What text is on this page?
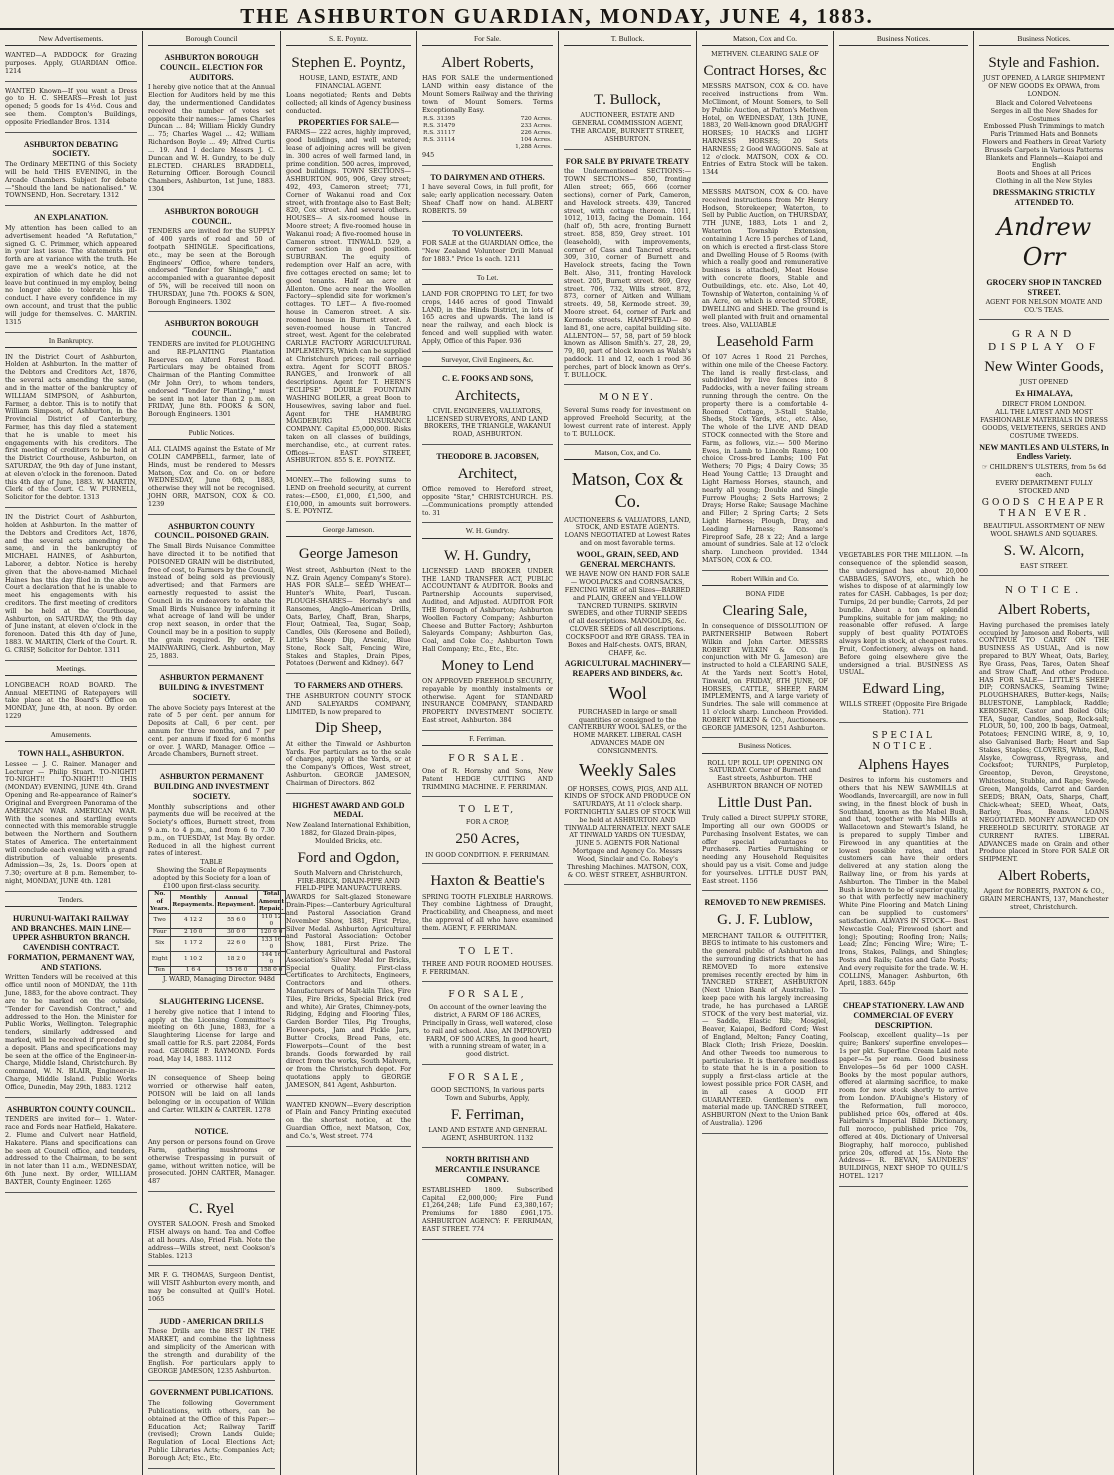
THE ASHBURTON GUARDIAN, MONDAY, JUNE 4, 1883.
New Advertisements.

WANTED—A PADDOCK for Grazing purposes. Apply, GUARDIAN Office. 1214

WANTED Known—If you want a Dress go to H. C. SHEARS—Fresh lot just opened; 5 goods for 1s 4½d. Cous and see them. Compton's Buildings, opposite Friedlander Bros. 1314

ASHBURTON DEBATING SOCIETY.

The Ordinary MEETING of this Society will be held THIS EVENING, in the Arcade Chambers. Subject for debate—"Should the land be nationalised." W. TOWNSEND, Hon. Secretary. 1312

AN EXPLANATION.

My attention has been called to an advertisement headed "A Refutation," signed G. C. Primmer, which appeared in your last issue. The statements put forth are at variance with the truth. He gave me a week's notice, at the expiration of which date he did not leave but continued in my employ, being no longer able to tolerate his ill-conduct. I have every confidence in my own account, and trust that the public will judge for themselves. C. MARTIN. 1315

In Bankruptcy.

IN the District Court of Ashburton, Holden at Ashburton. In the matter of the Debtors and Creditors Act, 1876, the several acts amending the same, and in the matter of the bankruptcy of WILLIAM SIMPSON, of Ashburton, Farmer, a debtor. This is to notify that William Simpson, of Ashburton, in the Provincial District of Canterbury, Farmer, has this day filed a statement that he is unable to meet his engagements with his creditors. The first meeting of creditors to be held at the District Courthouse, Ashburton, on SATURDAY, the 9th day of June instant, at eleven o'clock in the forenoon. Dated this 4th day of June, 1883. W. MARTIN, Clerk of the Court. C. W. PURNELL, Solicitor for the debtor. 1313

IN the District Court of Ashburton, holden at Ashburton. In the matter of the Debtors and Creditors Act, 1876, and the several acts amending the same, and in the bankruptcy of MICHAEL HAINES, of Ashburton, Laborer, a debtor. Notice is hereby given that the above-named Michael Haines has this day filed in the above Court a declaration that he is unable to meet his engagements with his creditors. The first meeting of creditors will be held at the Courthouse, Ashburton, on SATURDAY, the 9th day of June instant, at eleven o'clock in the forenoon. Dated this 4th day of June, 1883. W. MARTIN, Clerk of the Court. R. G. CRISP, Solicitor for Debtor. 1311

Meetings.

LONGBEACH ROAD BOARD. The Annual MEETING of Ratepayers will take place at the Board's Office on MONDAY, June 4th, at noon. By order. 1229

Amusements.
TOWN HALL, ASHBURTON.

Lessee — J. C. Rainer. Manager and Lecturer — Philip Stuart. TO-NIGHT! TO-NIGHT!! TO-NIGHT!!! THIS (MONDAY) EVENING, JUNE 4th. Grand Opening and Re-appearance of Rainer's Original and Evergreen Panorama of the AMERICAN WAR. AMERICAN WAR. With the scenes and startling events connected with this memorable struggle between the Northern and Southern States of America. The entertainment will conclude each evening with a grand distribution of valuable presents. Admission—3s, 2s, 1s. Doors open at 7.30; overture at 8 p.m. Remember, to-night, MONDAY, JUNE 4th. 1281

Tenders.
HURUNUI-WAITAKI RAILWAY AND BRANCHES. MAIN LINE—UPPER ASHBURTON BRANCH. CAVENDISH CONTRACT. FORMATION, PERMANENT WAY, AND STATIONS.

Written Tenders will be received at this office until noon of MONDAY, the 11th June, 1883, for the above contract. They are to be marked on the outside, "Tender for Cavendish Contract," and addressed to the Hon. the Minister for Public Works, Wellington. Telegraphic tenders, similarly addressed and marked, will be received if preceded by a deposit. Plans and specifications may be seen at the office of the Engineer-in-Charge, Middle Island, Christchurch. By command, W. N. BLAIR, Engineer-in-Charge, Middle Island. Public Works Office, Dunedin, May 29th, 1883. 1212

ASHBURTON COUNTY COUNCIL.

TENDERS are invited for— 1. Water-race and Fords near Hatfield, Hakatere. 2. Flume and Culvert near Hatfield, Hakatere. Plans and specifications can be seen at Council office, and tenders, addressed to the Chairman, to be sent in not later than 11 a.m., WEDNESDAY, 6th June next. By order, WILLIAM BAXTER, County Engineer. 1265

Borough Council
ASHBURTON BOROUGH COUNCIL. ELECTION FOR AUDITORS.

I hereby give notice that at the Annual Election for Auditors held by me this day, the undermentioned Candidates received the number of votes set opposite their names:— James Charles Duncan ... 84; William Hickly Gundry ... 75; Charles Wagel ... 42; William Richardson Boyle ... 49; Alfred Curtis ... 19. And I declare Messrs J. C. Duncan and W. H. Gundry, to be duly ELECTED. CHARLES BRADDELL, Returning Officer. Borough Council Chambers, Ashburton, 1st June, 1883. 1304

ASHBURTON BOROUGH COUNCIL.

TENDERS are invited for the SUPPLY of 400 yards of road and 50 of footpath SHINGLE. Specifications, etc., may be seen at the Borough Engineers' Office, where tenders, endorsed "Tender for Shingle," and accompanied with a guarantee deposit of 5%, will be received till noon on THURSDAY, June 7th. FOOKS & SON, Borough Engineers. 1302

ASHBURTON BOROUGH COUNCIL.

TENDERS are invited for PLOUGHING and RE-PLANTING Plantation Reserves on Alford Forest Road. Particulars may be obtained from Chairman of the Planting Committee (Mr John Orr), to whom tenders, endorsed "Tender for Planting," must be sent in not later than 2 p.m. on FRIDAY, June 8th. FOOKS & SON, Borough Engineers. 1301

Public Notices.

ALL CLAIMS against the Estate of Mr COLIN CAMPBELL, farmer, late of Hinds, must be rendered to Messrs Matson, Cox and Co. on or before WEDNESDAY, June 6th, 1883, otherwise they will not be recognised. JOHN ORR, MATSON, COX & CO. 1239

ASHBURTON COUNTY COUNCIL. POISONED GRAIN.

The Small Birds Nuisance Committee have directed it to be notified that POISONED GRAIN will be distributed, free of cost, to Farmers by the Council, instead of being sold as previously advertised; and that Farmers are earnestly requested to assist the Council in its endeavors to abate the Small Birds Nuisance by informing it what acreage of land will be under crop next season, in order that the Council may be in a position to supply the grain required. By order, F. MAINWARING, Clerk. Ashburton, May 25, 1883.

ASHBURTON PERMANENT BUILDING & INVESTMENT SOCIETY.

The above Society pays Interest at the rate of 5 per cent. per annum for Deposits at Call, 6 per cent. per annum for three months, and 7 per cent. per annum if fixed for 6 months or over. J. WARD, Manager. Office — Arcade Chambers, Burnett street.

ASHBURTON PERMANENT BUILDING AND INVESTMENT SOCIETY.

Monthly subscriptions and other payments due will be received at the Society's offices, Burnett street, from 9 a.m. to 4 p.m., and from 6 to 7.30 p.m., on TUESDAY, 1st May. By order. Reduced in all the highest current rates of interest.

TABLE
Showing the Scale of Repayments adopted by this Society for a loan of £100 upon first-class security.
No. of Years.	Monthly Repayments.	Annual Repayment.	Total Amount Repaid.
Two	4 12 2	55 6 0	110 12 0
Four	2 10 0	30 0 0	120 0 0
Six	1 17 2	22 6 0	133 16 0
Eight	1 10 2	18 2 0	144 16 0
Ten	1 6 4	15 16 0	158 0 0

J. WARD, Managing Director. 948d

SLAUGHTERING LICENSE.

I hereby give notice that I intend to apply at the Licensing Committee's meeting on 6th June, 1883, for a Slaughtering License for large and small cattle for R.S. part 22084, Fords road. GEORGE P. RAYMOND. Fords road, May 14, 1883. 1112

IN consequence of Sheep being worried or otherwise half eaten, POISON will be laid on all lands belonging or in occupation of Wilkin and Carter. WILKIN & CARTER. 1278

NOTICE.

Any person or persons found on Grove Farm, gathering mushrooms or otherwise Trespassing in pursuit of game, without written notice, will be prosecuted. JOHN CARTER, Manager. 487

C. Ryel

OYSTER SALOON. Fresh and Smoked FISH always on hand. Tea and Coffee at all hours. Also, Fried Fish. Note the address—Wills street, next Cookson's Stables. 1213

MR F. G. THOMAS, Surgeon Dentist, will VISIT Ashburton every month, and may be consulted at Quill's Hotel. 1065

JUDD - AMERICAN DRILLS

These Drills are the BEST IN THE MARKET, and combine the lightness and simplicity of the American with the strength and durability of the English. For particulars apply to GEORGE JAMESON, 1235 Ashburton.

GOVERNMENT PUBLICATIONS.

The following Government Publications, with others, can be obtained at the Office of this Paper:— Education Act; Railway Tariff (revised); Crown Lands Guide; Regulation of Local Elections Act; Public Libraries Acts; Companies Act; Borough Act; Etc., Etc.

S. E. Poyntz.
Stephen E. Poyntz,
HOUSE, LAND, ESTATE, AND FINANCIAL AGENT.

Loans negotiated; Rents and Debts collected; all kinds of Agency business conducted.

PROPERTIES FOR SALE—

FARMS— 222 acres, highly improved, good buildings, and well watered; lease of adjoining acres will be given in. 300 acres of well farmed land, in prime condition. 500 acres, improved, good buildings. TOWN SECTIONS— ASHBURTON. 905, 906, Grey street; 492, 493, Cameron street; 771, Corner of Wakanui road and Cox street, with frontage also to East Belt; 820, Cox street. And several others. HOUSES— A six-roomed house in Moore street; A five-roomed house in Wakanui road; A five-roomed house in Cameron street. TINWALD. 529, a corner section in good position. SUBURBAN. The equity of redemption over Half an acre, with five cottages erected on same; let to good tenants. Half an acre at Allenton. One acre near the Woollen Factory—splendid site for workmen's cottages. TO LET— A five-roomed house in Cameron street. A six-roomed house in Burnett street. A seven-roomed house in Tancred street, west. Agent for the celebrated CARLYLE FACTORY AGRICULTURAL IMPLEMENTS, Which can be supplied at Christchurch prices; rail carriage extra. Agent for SCOTT BROS.' RANGES, and Ironwork of all descriptions. Agent for T. HERN'S "ECLIPSE" DOUBLE FOUNTAIN WASHING BOILER, a great Boon to Housewives, saving labor and fuel. Agent for THE HAMBURG MAGDEBURG INSURANCE COMPANY. Capital £5,000,000. Risks taken on all classes of buildings, merchandise, etc., at current rates. Offices— EAST STREET, ASHBURTON. 855 S. E. POYNTZ.

MONEY.—The following sums to LEND on freehold security, at current rates:—£500, £1,000, £1,500, and £10,000, in amounts suit borrowers. S. E. POYNTZ.

George Jameson.
George Jameson

West street, Ashburton (Next to the N.Z. Grain Agency Company's Store). HAS FOR SALE— SEED WHEAT— Hunter's White, Pearl, Tuscan. PLOUGH-SHARES— Hornsby's and Ransomes, Anglo-American Drills, Oats, Barley, Chaff, Bran, Sharps, Flour, Oatmeal, Tea, Sugar, Soap, Candles, Oils (Kerosene and Boiled), Little's Sheep Dip, Arsenic, Blue Stone, Rock Salt, Fencing Wire, Stakes and Staples, Drain Pipes, Potatoes (Derwent and Kidney). 647

TO FARMERS AND OTHERS.

THE ASHBURTON COUNTY STOCK AND SALEYARDS COMPANY, LIMITED, Is now prepared to

Dip Sheep,

At either the Tinwald or Ashburton Yards. For particulars as to the scale of charges, apply at the Yards, or at the Company's Offices, West street, Ashburton. GEORGE JAMESON, Chairman of Directors. 862

HIGHEST AWARD AND GOLD MEDAL

New Zealand International Exhibition, 1882, for Glazed Drain-pipes, Moulded Bricks, etc.

Ford and Ogdon,
South Malvern and Christchurch, FIRE-BRICK, DRAIN-PIPE AND FIELD-PIPE MANUFACTURERS.

AWARDS for Salt-glazed Stoneware Drain-Pipes:—Canterbury Agricultural and Pastoral Association Grand November Show, 1881, First Prize, Silver Medal. Ashburton Agricultural and Pastoral Association: October Show, 1881, First Prize. The Canterbury Agricultural and Pastoral Association's Silver Medal for Bricks, Special Quality. First-class Certificates to Architects, Engineers, Contractors and others. Manufacturers of Malt-kiln Tiles, Fire Tiles, Fire Bricks, Special Brick (red and white), Air Grates, Chimney-pots, Ridging, Edging and Flooring Tiles, Garden Border Tiles, Pig Troughs, Flower-pots, Jam and Pickle Jars, Butter Crocks, Bread Pans, etc. Flowerpots—Count of the best brands. Goods forwarded by rail direct from the works, South Malvern, or from the Christchurch depot. For quotations apply to GEORGE JAMESON, 841 Agent, Ashburton.

WANTED KNOWN—Every description of Plain and Fancy Printing executed on the shortest notice, at the Guardian Office, next Matson, Cox, and Co.'s, West street. 774

For Sale.
Albert Roberts,

HAS FOR SALE the undermentioned LAND within easy distance of the Mount Somers Railway and the thriving town of Mount Somers. Terms Exceptionally Easy.

R.S. 31395	720 Acres.
R.S. 31479	233 Acres.
R.S. 31117	226 Acres.
R.S. 31114	104 Acres.
	1,288 Acres.

945

TO DAIRYMEN AND OTHERS.

I have several Cows, in full profit, for sale; early application necessary. Oaten Sheaf Chaff now on hand. ALBERT ROBERTS. 59

TO VOLUNTEERS.

FOR SALE at the GUARDIAN Office, the "New Zealand Volunteer Drill Manual for 1883." Price 1s each. 1211

To Let.

LAND FOR CROPPING TO LET, for two crops, 1446 acres of good Tinwald LAND, in the Hinds District, in lots of 165 acres and upwards. The land is near the railway, and each block is fenced and well supplied with water. Apply, Office of this Paper. 936

Surveyor, Civil Engineers, &c.
C. E. FOOKS AND SONS,
Architects,

CIVIL ENGINEERS, VALUATORS, LICENSED SURVEYORS, AND LAND BROKERS, THE TRIANGLE, WAKANUI ROAD, ASHBURTON.

THEODORE B. JACOBSEN,
Architect,

Office removed to Hereford street, opposite "Star," CHRISTCHURCH. P.S.—Communications promptly attended to. 31

W. H. Gundry.
W. H. Gundry,

LICENSED LAND BROKER UNDER THE LAND TRANSFER ACT, PUBLIC ACCOUNTANT & AUDITOR. Books and Partnership Accounts supervised, Audited, and Adjusted. AUDITOR FOR THE Borough of Ashburton; Ashburton Woollen Factory Company; Ashburton Cheese and Butter Factory; Ashburton Saleyards Company; Ashburton Gas, Coal, and Coke Co.; Ashburton Town Hall Company; Etc., Etc., Etc.

Money to Lend

ON APPROVED FREEHOLD SECURITY, repayable by monthly instalments or otherwise. Agent for STANDARD INSURANCE COMPANY, STANDARD PROPERTY INVESTMENT SOCIETY. East street, Ashburton. 384

F. Ferriman.
FOR SALE.

One of R. Hornsby and Sons, New Patent HEDGE CUTTING AND TRIMMING MACHINE. F. FERRIMAN.

TO LET,
FOR A CROP,
250 Acres,
IN GOOD CONDITION. F. FERRIMAN.
Haxton & Beattie's

SPRING TOOTH FLEXIBLE HARROWS. They combine Lightness of Draught, Practicability, and Cheapness, and meet the approval of all who have examined them. AGENT, F. FERRIMAN.

TO LET.

THREE AND FOUR ROOMED HOUSES. F. FERRIMAN.

FOR SALE,

On account of the owner leaving the district, A FARM OF 186 ACRES, Principally in Grass, well watered, close to rail and school. Also, AN IMPROVED FARM, OF 500 ACRES, In good heart, with a running stream of water, in a good district.

FOR SALE,

GOOD SECTIONS, In various parts Town and Suburbs, Apply,

F. Ferriman,

LAND AND ESTATE AND GENERAL AGENT, ASHBURTON. 1132

NORTH BRITISH AND MERCANTILE INSURANCE COMPANY.

ESTABLISHED 1809. Subscribed Capital £2,000,000; Fire Fund £1,264,248; Life Fund £3,380,167; Premiums for 1880 £961,175. ASHBURTON AGENCY: F. FERRIMAN, EAST STREET. 774

T. Bullock.
T. Bullock,

AUCTIONEER, ESTATE AND GENERAL COMMISSION AGENT, THE ARCADE, BURNETT STREET, ASHBURTON.

FOR SALE BY PRIVATE TREATY

the Undermentioned SECTIONS:— TOWN SECTIONS— 850, fronting Allen street; 665, 666 (corner sections), corner of Park, Cameron, and Havelock streets. 439, Tancred street, with cottage thereon. 1011, 1012, 1013, facing the Domain. 164 (half of), 5th acre, fronting Burnett street. 858, 859, Grey street. 101 (leasehold), with improvements, corner of Cass and Tancred streets. 309, 310, corner of Burnett and Havelock streets, facing the Town Belt. Also, 311, fronting Havelock street. 205, Burnett street. 869, Grey street. 706, 732, Wills street. 872, 873, corner of Aitken and William streets. 49, 58, Kermode street. 39, Moore street. 64, corner of Park and Kermode streets. HAMPSTEAD— 80 land 81, one acre, capital building site. ALLENTON— 57, 58, part of 59 block known as Allison Smith's. 27, 28, 29, 79, 80, part of block known as Walsh's paddock. 11 and 12, each 1 rood 36 perches, part of block known as Orr's. T. BULLOCK.

MONEY.

Several Sums ready for investment on approved Freehold Security, at the lowest current rate of interest. Apply to T. BULLOCK.

Matson, Cox, and Co.
Matson, Cox & Co.

AUCTIONEERS & VALUATORS, LAND, STOCK, AND ESTATE AGENTS. LOANS NEGOTIATED at Lowest Rates and on most favorable terms.

WOOL, GRAIN, SEED, AND GENERAL MERCHANTS.

WE HAVE NOW ON HAND FOR SALE— WOOLPACKS and CORNSACKS, FENCING WIRE of all Sizes—BARBED and PLAIN, GREEN and YELLOW TANCRED TURNIPS. SKIRVIN SWEDES, and other TURNIP SEEDS of all descriptions. MANGOLDS, &c. CLOVER SEEDS of all descriptions. COCKSFOOT and RYE GRASS. TEA in Boxes and Half-chests. OATS, BRAN, CHAFF, &c.

AGRICULTURAL MACHINERY—REAPERS AND BINDERS, &c.
Wool

PURCHASED in large or small quantities or consigned to the CANTERBURY WOOL SALES, or the HOME MARKET. LIBERAL CASH ADVANCES MADE ON CONSIGNMENTS.

Weekly Sales

OF HORSES, COWS, PIGS, AND ALL KINDS OF STOCK AND PRODUCE ON SATURDAYS, At 11 o'clock sharp. FORTNIGHTLY SALES OF STOCK Will be held at ASHBURTON AND TINWALD ALTERNATELY. NEXT SALE AT TINWALD YARDS ON TUESDAY, JUNE 5. AGENTS FOR National Mortgage and Agency Co. Messrs Wood, Sinclair and Co. Robey's Threshing Machines. MATSON, COX, & CO. WEST STREET, ASHBURTON.

Matson, Cox and Co.
METHVEN. CLEARING SALE OF
Contract Horses, &c

MESSRS MATSON, COX & CO. have received instructions from Wm. McClimont, of Mount Somers, to Sell by Public Auction, at Patton's Methven Hotel, on WEDNESDAY, 13th JUNE, 1883, 20 Well-known good DRAUGHT HORSES; 10 HACKS and LIGHT HARNESS HORSES; 20 Sets HARNESS; 2 Good WAGGONS. Sale at 12 o'clock. MATSON, COX & CO. Entries of Extra Stock will be taken. 1344

MESSRS MATSON, COX & CO. have received instructions from Mr Henry Hodson, Storekeeper, Waterton, to Sell by Public Auction, on THURSDAY, 7TH JUNE, 1883, Lots 1 and 2, Waterton Township Extension, containing 1 Acre 15 perches of Land, on which is erected a first-class Store and Dwelling House of 5 Rooms (with which a really good and remunerative business is attached), Meat House with concrete floors, Stable and Outbuildings, etc. etc. Also, Lot 40, Township of Waterton, containing ¼ of an Acre, on which is erected STORE, DWELLING and SHED. The ground is well planted with fruit and ornamental trees. Also, VALUABLE

Leasehold Farm

Of 107 Acres 1 Rood 21 Perches, within one mile of the Cheese Factory. The land is really first-class, and subdivided by live fences into 8 Paddocks, with a never failing stream running through the centre. On the property there is a comfortable 4-Roomed Cottage, 3-Stall Stable, Sheds, Stock Yards, etc., etc. Also, The whole of the LIVE AND DEAD STOCK connected with the Store and Farm, as follows, viz.:— 500 Merino Ewes, in Lamb to Lincoln Rams; 100 choice Cross-bred Lambs; 100 Fat Wethers; 70 Pigs; 4 Dairy Cows; 35 Head Young Cattle; 13 Draught and Light Harness Horses, staunch, and nearly all young; Double and Single Furrow Ploughs; 2 Sets Harrows; 2 Drays; Horse Rake; Sausage Machine and Filler; 2 Spring Carts; 2 Sets Light Harness; Plough, Dray, and Leading Harness; Ransome's Fireproof Safe, 28 x 22; And a large amount of sundries. Sale at 12 o'clock sharp. Luncheon provided. 1344 MATSON, COX & CO.

Robert Wilkin and Co.
BONA FIDE
Clearing Sale,

In consequence of DISSOLUTION OF PARTNERSHIP Between Robert Wilkin and John Carter. MESSRS ROBERT WILKIN & CO. (in conjunction with Mr G. Jameson) are instructed to hold a CLEARING SALE, At the Yards next Scott's Hotel, Tinwald, on FRIDAY, 8TH JUNE, OF HORSES, CATTLE, SHEEP, FARM IMPLEMENTS, and A large variety of Sundries. The sale will commence at 11 o'clock sharp. Luncheon Provided. ROBERT WILKIN & CO., Auctioneers. GEORGE JAMESON, 1251 Ashburton.

Business Notices.

ROLL UP! ROLL UP! OPENING ON SATURDAY. Corner of Burnett and East streets, Ashburton. THE ASHBURTON BRANCH OF NOTED

Little Dust Pan.

Truly called a Direct SUPPLY STORE, Importing all our own GOODS or Purchasing Insolvent Estates, we can offer special advantages to Purchasers. Parties Furnishing or needing any Household Requisites should pay us a visit. Come and judge for yourselves. LITTLE DUST PAN, East street. 1156

REMOVED TO NEW PREMISES.
G. J. F. Lublow,

MERCHANT TAILOR & OUTFITTER, BEGS to intimate to his customers and the general public of Ashburton and the surrounding districts that he has REMOVED To more extensive premises recently erected by him in TANCRED STREET, ASHBURTON (Next Union Bank of Australia). To keep pace with his largely increasing trade, he has purchased a LARGE STOCK of the very best material, viz.— Saddle, Elastic Rib; Mosgiel, Beaver, Kaiapoi, Bedford Cord; West of England, Melton; Fancy Coating, Black Cloth; Irish Frieze, Doeskin. And other Tweeds too numerous to particularise. It is therefore needless to state that he is in a position to supply a first-class article at the lowest possible price FOR CASH, and in all cases A GOOD FIT GUARANTEED. Gentlemen's own material made up. TANCRED STREET, ASHBURTON (Next to the Union Bank of Australia). 1296

Business Notices.

VEGETABLES FOR THE MILLION. —In consequence of the splendid season, the undersigned has about 20,000 CABBAGES, SAVOYS, etc., which he wishes to dispose of at alarmingly low rates for CASH. Cabbages, 1s per doz; Turnips, 2d per bundle; Carrots, 2d per bundle. About a ton of splendid Pumpkins, suitable for jam making; no reasonable offer refused. A large supply of best quality POTATOES always kept in stock, at cheapest rates. Fruit, Confectionery, always on hand. Before going elsewhere give the undersigned a trial. BUSINESS AS USUAL.

Edward Ling,

WILLS STREET (Opposite Fire Brigade Station). 771

SPECIAL NOTICE.
Alphens Hayes

Desires to inform his customers and others that his NEW SAWMILLS at Woodlands, Invercargill, are now in full swing, in the finest block of bush in Southland, known as the Mabel Bush, and that, together with his Mills at Wallacetown and Stewart's Island, he is prepared to supply Timber and Firewood in any quantities at the lowest possible rates, and that customers can have their orders delivered at any station along the Railway line, or from his yards at Ashburton. The Timber in the Mabel Bush is known to be of superior quality, so that with perfectly new machinery White Pine Flooring and Match Lining can be supplied to customers' satisfaction. ALWAYS IN STOCK— Best Newcastle Coal; Firewood (short and long); Spouting; Roofing Iron; Nails; Lead; Zinc; Fencing Wire; Wire; T.-Irons, Stakes, Palings, and Shingles; Posts and Rails; Gates and Gate Posts; And every requisite for the trade. W. H. COLLINS, Manager. Ashburton, 6th April, 1883. 645p

CHEAP STATIONERY. LAW AND COMMERCIAL OF EVERY DESCRIPTION.

Foolscap, excellent quality—1s per quire; Bankers' superfine envelopes—1s per pkt. Superfine Cream Laid note paper—5s per ream. Good business Envelopes—5s 6d per 1000 CASH. Books by the most popular authors, offered at alarming sacrifice, to make room for new stock shortly to arrive from London. D'Aubigne's History of the Reformation, full morocco, published price 60s, offered at 40s. Fairbairn's Imperial Bible Dictionary, full morocco, published price 70s, offered at 40s. Dictionary of Universal Biography, half morocco, published price 20s, offered at 15s. Note the Address— R. BEVAN, SAUNDERS' BUILDINGS, NEXT SHOP TO QUILL'S HOTEL. 1217

Business Notices.
Style and Fashion.

JUST OPENED, A LARGE SHIPMENT OF NEW GOODS Ex OPAWA, from LONDON.

Black and Colored Velveteens
Serges in all the New Shades for Costumes
Embossed Plush Trimmings to match
Paris Trimmed Hats and Bonnets
Flowers and Feathers in Great Variety
Brussels Carpets in Various Patterns
Blankets and Flannels—Kaiapoi and English
Boots and Shoes at all Prices
Clothing in all the New Styles
DRESSMAKING STRICTLY ATTENDED TO.
Andrew Orr
GROCERY SHOP IN TANCRED STREET.
AGENT FOR NELSON MOATE AND CO.'S TEAS.
GRAND DISPLAY OF
New Winter Goods,
JUST OPENED
Ex HIMALAYA,
DIRECT FROM LONDON.

ALL THE LATEST AND MOST FASHIONABLE MATERIALS IN DRESS GOODS, VELVETEENS, SERGES AND COSTUME TWEEDS.

NEW MANTLES AND ULSTERS, In Endless Variety.
☞ CHILDREN'S ULSTERS, from 5s 6d each.
EVERY DEPARTMENT FULLY STOCKED AND
GOODS CHEAPER THAN EVER.

BEAUTIFUL ASSORTMENT OF NEW WOOL SHAWLS AND SQUARES.

S. W. Alcorn,
EAST STREET.
NOTICE.
Albert Roberts,

Having purchased the premises lately occupied by Jameson and Roberts, will CONTINUE TO CARRY ON THE BUSINESS AS USUAL, And is now prepared to BUY Wheat, Oats, Barley, Rye Grass, Peas, Tares, Oaten Sheaf and Straw Chaff, And other Produce. HAS FOR SALE— LITTLE'S SHEEP DIP; CORNSACKS, Seaming Twine; PLOUGHSHARES, Butter-kegs, Nails; BLUESTONE, Lampblack, Raddle; KEROSENE, Castor and Boiled Oils; TEA, Sugar, Candles, Soap, Rock-salt; FLOUR, 50, 100, 200 lb bags, Oatmeal, Potatoes; FENCING WIRE, 8, 9, 10, also Galvanised Barb; Heart and Sap Stakes, Staples; CLOVERS, White, Red, Alsyke, Cowgrass, Ryegrass, and Cocksfoot; TURNIPS, Purpletop, Greentop, Devon, Greystone, Whitestone, Stubble, and Rape; Swede, Green, Mangolds, Carrot and Garden SEEDS; BRAN, Oats, Sharps, Chaff, Chick-wheat; SEED, Wheat, Oats, Barley, Peas, Beans. LOANS NEGOTIATED. MONEY ADVANCED ON FREEHOLD SECURITY. STORAGE AT CURRENT RATES. LIBERAL ADVANCES made on Grain and other Produce placed in Store FOR SALE OR SHIPMENT.

Albert Roberts,

Agent for ROBERTS, PAXTON & CO., GRAIN MERCHANTS, 137, Manchester street, Christchurch.
